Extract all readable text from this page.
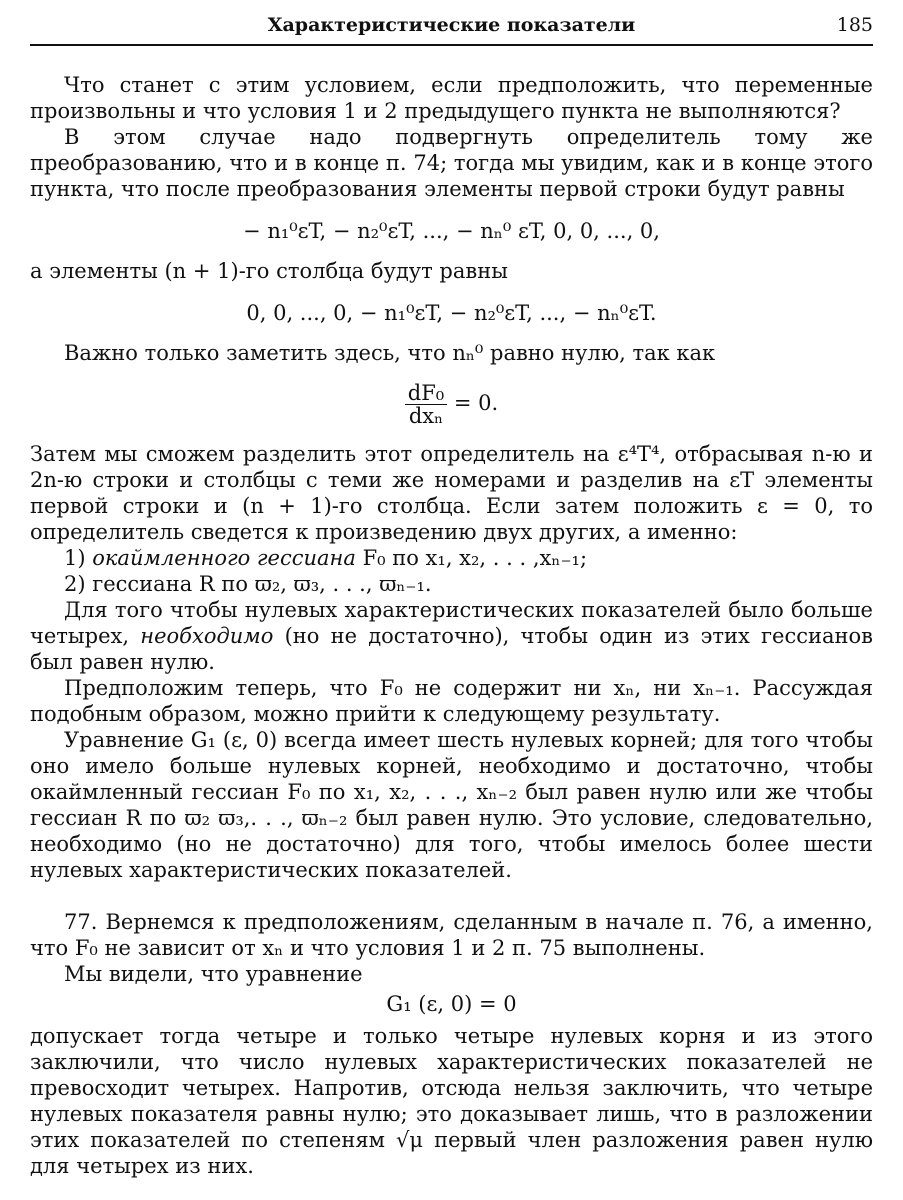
Характеристические показатели	185

Что станет с этим условием, если предположить, что переменные произвольны и что условия 1 и 2 предыдущего пункта не выполняются?

В этом случае надо подвергнуть определитель тому же преобразованию, что и в конце п. 74; тогда мы увидим, как и в конце этого пункта, что после преобразования элементы первой строки будут равны

− n₁⁰εT, − n₂⁰εT, ..., − nₙ⁰ εT, 0, 0, ..., 0,

а элементы (n + 1)-го столбца будут равны

0, 0, ..., 0, − n₁⁰εT, − n₂⁰εT, ..., − nₙ⁰εT.

Важно только заметить здесь, что nₙ⁰ равно нулю, так как

$\frac{\text{dF₀}}{\text{dxₙ}} = 0$.

Затем мы сможем разделить этот определитель на ε⁴T⁴, отбрасывая n-ю и 2n-ю строки и столбцы с теми же номерами и разделив на εT элементы первой строки и (n + 1)-го столбца. Если затем положить ε = 0, то определитель сведется к произведению двух других, а именно:

1) окаймленного гессиана F₀ по x₁, x₂, . . . ,xₙ₋₁;
2) гессиана R по ϖ₂, ϖ₃, . . ., ϖₙ₋₁.

Для того чтобы нулевых характеристических показателей было больше четырех, необходимо (но не достаточно), чтобы один из этих гессианов был равен нулю.

Предположим теперь, что F₀ не содержит ни xₙ, ни xₙ₋₁. Рассуждая подобным образом, можно прийти к следующему результату.

Уравнение G₁ (ε, 0) всегда имеет шесть нулевых корней; для того чтобы оно имело больше нулевых корней, необходимо и достаточно, чтобы окаймленный гессиан F₀ по x₁, x₂, . . ., xₙ₋₂ был равен нулю или же чтобы гессиан R по ϖ₂ ϖ₃,. . ., ϖₙ₋₂ был равен нулю. Это условие, следовательно, необходимо (но не достаточно) для того, чтобы имелось более шести нулевых характеристических показателей.

77. Вернемся к предположениям, сделанным в начале п. 76, а именно, что F₀ не зависит от xₙ и что условия 1 и 2 п. 75 выполнены.

Мы видели, что уравнение

G₁ (ε, 0) = 0

допускает тогда четыре и только четыре нулевых корня и из этого заключили, что число нулевых характеристических показателей не превосходит четырех. Напротив, отсюда нельзя заключить, что четыре нулевых показателя равны нулю; это доказывает лишь, что в разложении этих показателей по степеням √μ первый член разложения равен нулю для четырех из них.
